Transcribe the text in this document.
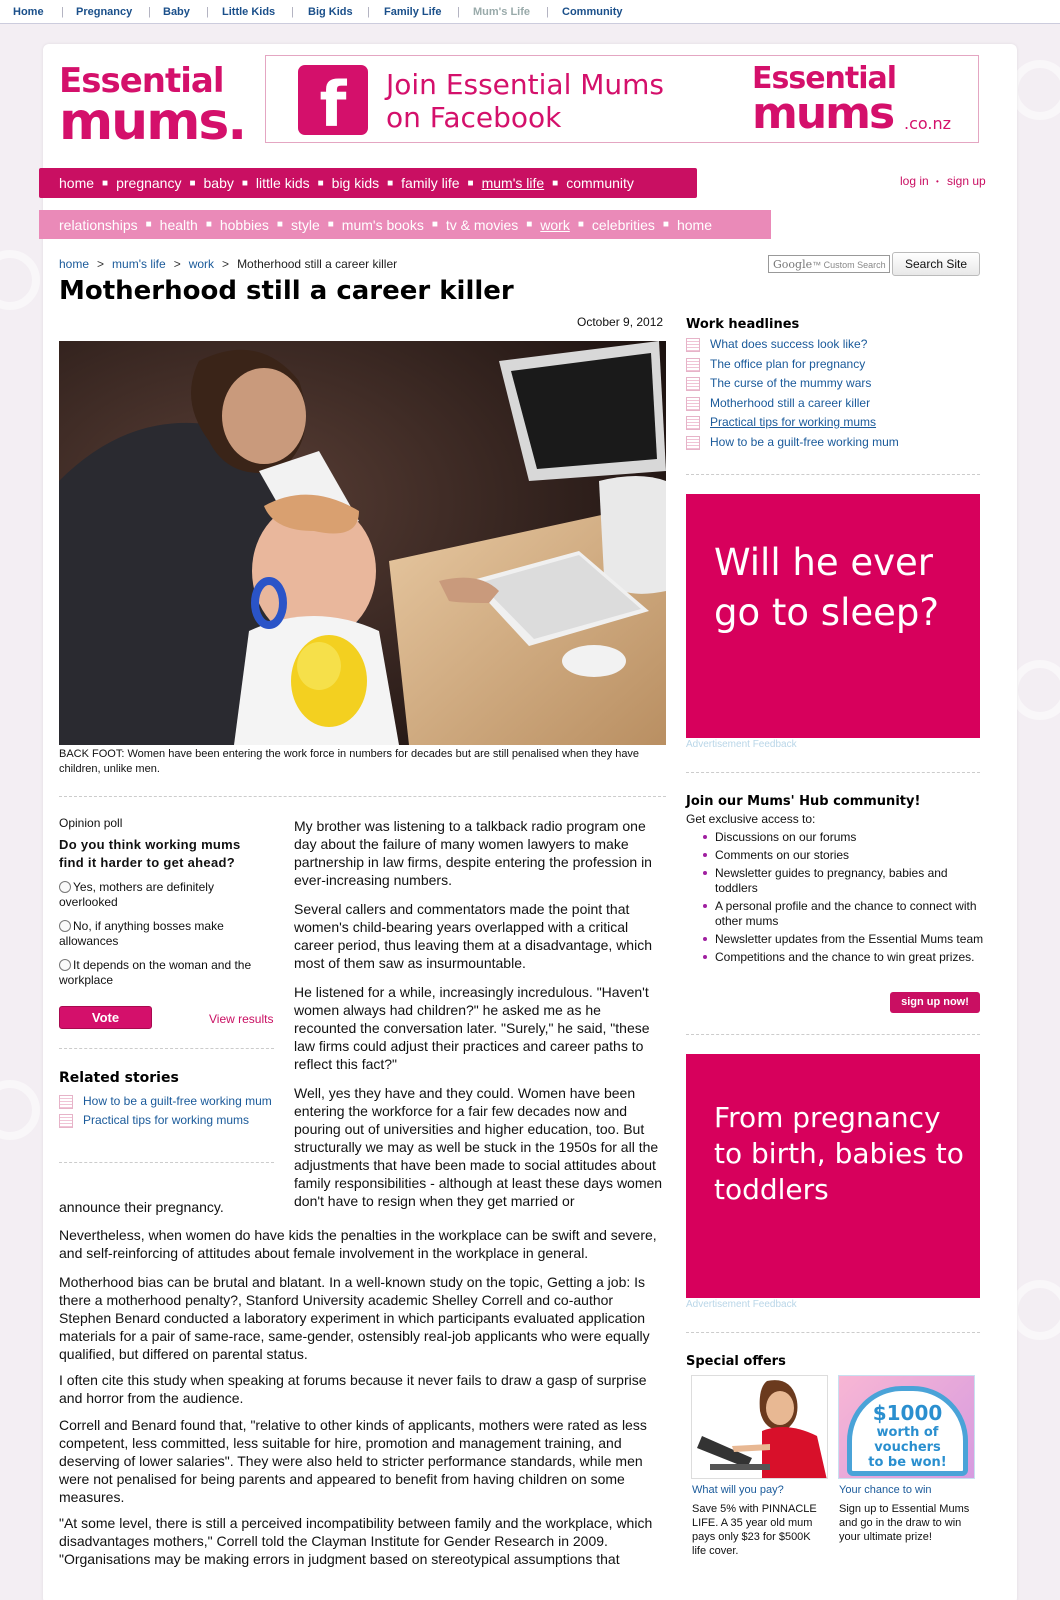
Home | Pregnancy | Baby | Little Kids | Big Kids | Family Life | Mum's Life | Community
Essential
mums.	f	Join Essential Mums
on Facebook
Essential
mums .co.nz
home ■ pregnancy ■ baby ■ little kids ■ big kids ■ family life ■ mum's life ■ community	log in • sign up
relationships ■ health ■ hobbies ■ style ■ mum's books ■ tv & movies ■ work ■ celebrities ■ home
home > mum's life > work > Motherhood still a career killer	Google™ Custom Search	Search Site
Motherhood still a career killer
October 9, 2012

BACK FOOT: Women have been entering the work force in numbers for decades but are still penalised when they have children, unlike men.

Opinion poll
Do you think working mums find it harder to get ahead?
Yes, mothers are definitely overlooked
No, if anything bosses make allowances
It depends on the woman and the workplace
Vote	View results
Related stories
How to be a guilt-free working mum
Practical tips for working mums

My brother was listening to a talkback radio program one day about the failure of many women lawyers to make partnership in law firms, despite entering the profession in ever-increasing numbers.

Several callers and commentators made the point that women's child-bearing years overlapped with a critical career period, thus leaving them at a disadvantage, which most of them saw as insurmountable.

He listened for a while, increasingly incredulous. "Haven't women always had children?" he asked me as he recounted the conversation later. "Surely," he said, "these law firms could adjust their practices and career paths to reflect this fact?"

Well, yes they have and they could. Women have been entering the workforce for a fair few decades now and pouring out of universities and higher education, too. But structurally we may as well be stuck in the 1950s for all the adjustments that have been made to social attitudes about family responsibilities - although at least these days women don't have to resign when they get married or

announce their pregnancy.
Nevertheless, when women do have kids the penalties in the workplace can be swift and severe, and self-reinforcing of attitudes about female involvement in the workplace in general.
Motherhood bias can be brutal and blatant. In a well-known study on the topic, Getting a job: Is there a motherhood penalty?, Stanford University academic Shelley Correll and co-author Stephen Benard conducted a laboratory experiment in which participants evaluated application materials for a pair of same-race, same-gender, ostensibly real-job applicants who were equally qualified, but differed on parental status.
I often cite this study when speaking at forums because it never fails to draw a gasp of surprise and horror from the audience.
Correll and Benard found that, "relative to other kinds of applicants, mothers were rated as less competent, less committed, less suitable for hire, promotion and management training, and deserving of lower salaries". They were also held to stricter performance standards, while men were not penalised for being parents and appeared to benefit from having children on some measures.
"At some level, there is still a perceived incompatibility between family and the workplace, which disadvantages mothers," Correll told the Clayman Institute for Gender Research in 2009. "Organisations may be making errors in judgment based on stereotypical assumptions that
Work headlines
What does success look like?
The office plan for pregnancy
The curse of the mummy wars
Motherhood still a career killer
Practical tips for working mums
How to be a guilt-free working mum
Will he ever go to sleep?
Advertisement Feedback
Join our Mums' Hub community!
Get exclusive access to:
Discussions on our forums
Comments on our stories
Newsletter guides to pregnancy, babies and toddlers
A personal profile and the chance to connect with other mums
Newsletter updates from the Essential Mums team
Competitions and the chance to win great prizes.
sign up now!
From pregnancy to birth, babies to toddlers
Advertisement Feedback
Special offers
$1000
worth of
vouchers
to be won!
What will you pay?
Save 5% with PINNACLE LIFE. A 35 year old mum pays only $23 for $500K life cover.
Your chance to win
Sign up to Essential Mums and go in the draw to win your ultimate prize!
